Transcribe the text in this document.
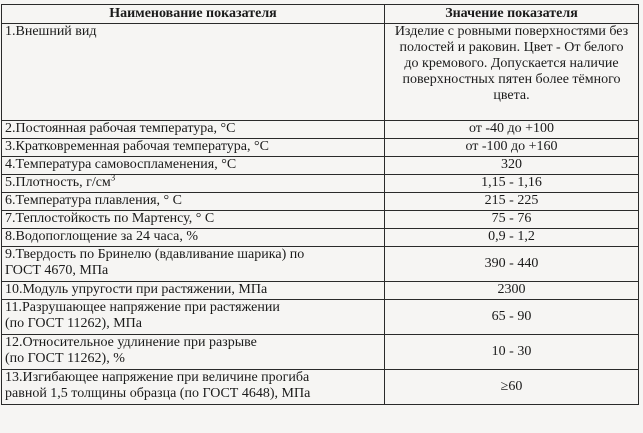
Наименование показателя	Значение показателя
1.Внешний вид	Изделие с ровными поверхностями без полостей и раковин. Цвет - От белого до кремового. Допускается наличие поверхностных пятен более тёмного цвета.
2.Постоянная рабочая температура, °С	от -40 до +100
3.Кратковременная рабочая температура, °С	от -100 до +160
4.Температура самовоспламенения, °С	320
5.Плотность, $г/см^3$	1,15 - 1,16
6.Температура плавления, ° С	215 - 225
7.Теплостойкость по Мартенсу, ° С	75 - 76
8.Водопоглощение за 24 часа, %	0,9 - 1,2

9.Твердость по Бринелю (вдавливание шарика) по
ГОСТ 4670, МПа	390 - 440
10.Модуль упругости при растяжении, МПа	2300

11.Разрушающее напряжение при растяжении
(по ГОСТ 11262), МПа	65 - 90

12.Относительное удлинение при разрыве
(по ГОСТ 11262), %	10 - 30

13.Изгибающее напряжение при величине прогиба
равной 1,5 толщины образца (по ГОСТ 4648), МПа	≥60
